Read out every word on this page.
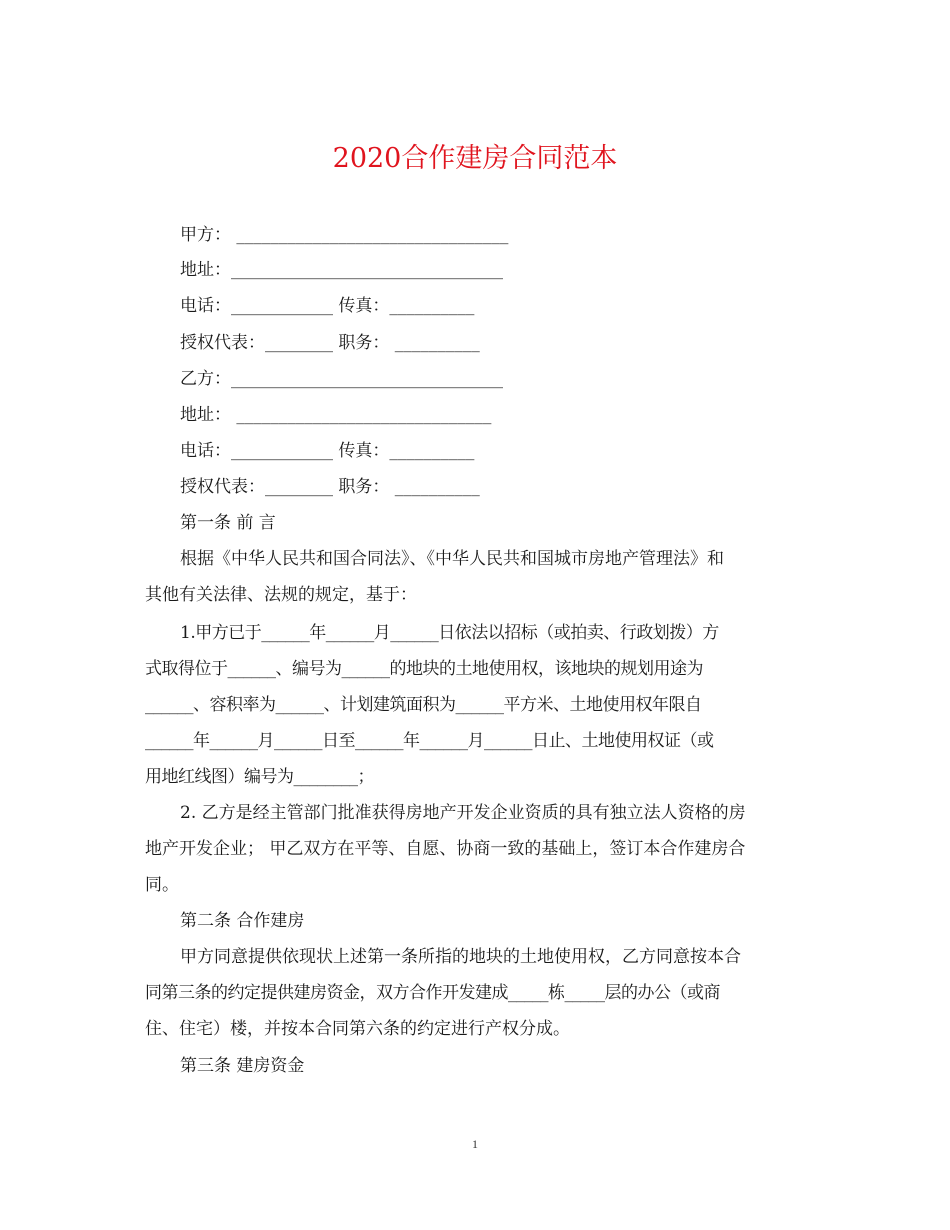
2020合作建房合同范本
甲方： ________________________________
地址：________________________________
电话：____________ 传真：__________
授权代表：________ 职务： __________
乙方：________________________________
地址： ______________________________
电话：____________ 传真：__________
授权代表：________ 职务： __________
第一条 前 言
根据《中华人民共和国合同法》、《中华人民共和国城市房地产管理法》和
其他有关法律、法规的规定，基于：
1.甲方已于______年______月______日依法以招标（或拍卖、行政划拨）方
式取得位于______、编号为______的地块的土地使用权，该地块的规划用途为
______、容积率为______、计划建筑面积为______平方米、土地使用权年限自
______年______月______日至______年______月______日止、土地使用权证（或
用地红线图）编号为________；
2. 乙方是经主管部门批准获得房地产开发企业资质的具有独立法人资格的房
地产开发企业； 甲乙双方在平等、自愿、协商一致的基础上，签订本合作建房合
同。
第二条 合作建房
甲方同意提供依现状上述第一条所指的地块的土地使用权，乙方同意按本合
同第三条的约定提供建房资金，双方合作开发建成_____栋_____层的办公（或商
住、住宅）楼，并按本合同第六条的约定进行产权分成。
第三条 建房资金
1
